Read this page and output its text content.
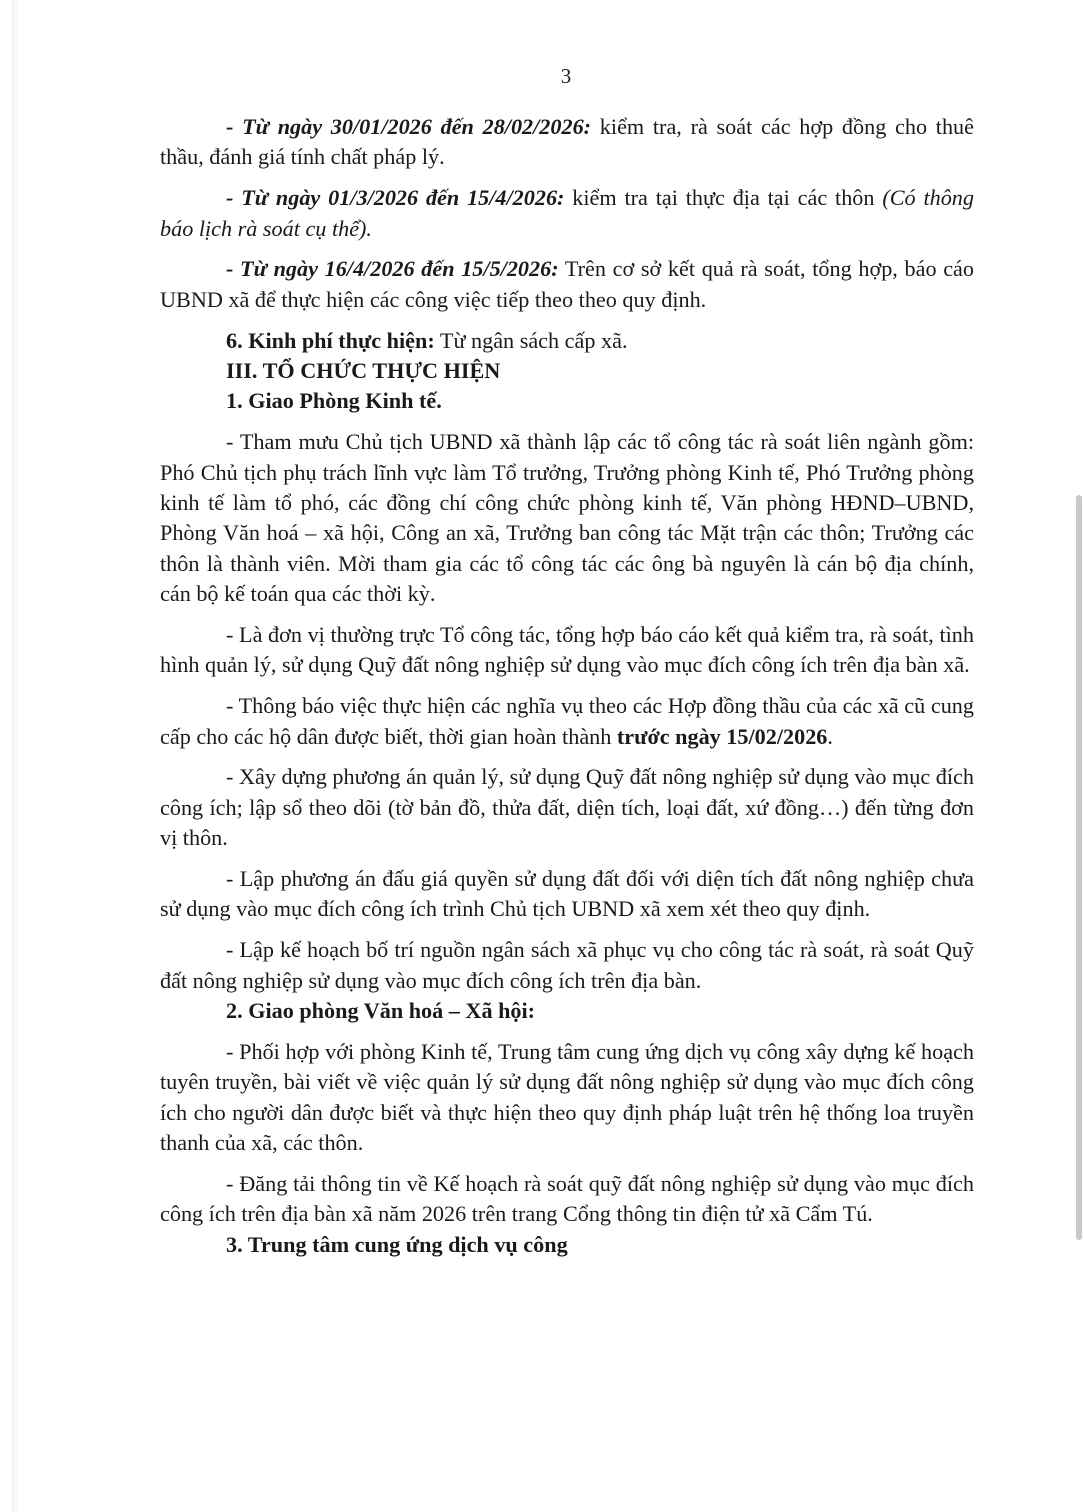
3

- Từ ngày 30/01/2026 đến 28/02/2026: kiểm tra, rà soát các hợp đồng cho thuê thầu, đánh giá tính chất pháp lý.

- Từ ngày 01/3/2026 đến 15/4/2026: kiểm tra tại thực địa tại các thôn (Có thông báo lịch rà soát cụ thể).

- Từ ngày 16/4/2026 đến 15/5/2026: Trên cơ sở kết quả rà soát, tổng hợp, báo cáo UBND xã để thực hiện các công việc tiếp theo theo quy định.

6. Kinh phí thực hiện: Từ ngân sách cấp xã.

III. TỔ CHỨC THỰC HIỆN

1. Giao Phòng Kinh tế.

- Tham mưu Chủ tịch UBND xã thành lập các tổ công tác rà soát liên ngành gồm: Phó Chủ tịch phụ trách lĩnh vực làm Tổ trưởng, Trưởng phòng Kinh tế, Phó Trưởng phòng kinh tế làm tổ phó, các đồng chí công chức phòng kinh tế, Văn phòng HĐND–UBND, Phòng Văn hoá – xã hội, Công an xã, Trưởng ban công tác Mặt trận các thôn; Trưởng các thôn là thành viên. Mời tham gia các tổ công tác các ông bà nguyên là cán bộ địa chính, cán bộ kế toán qua các thời kỳ.

- Là đơn vị thường trực Tổ công tác, tổng hợp báo cáo kết quả kiểm tra, rà soát, tình hình quản lý, sử dụng Quỹ đất nông nghiệp sử dụng vào mục đích công ích trên địa bàn xã.

- Thông báo việc thực hiện các nghĩa vụ theo các Hợp đồng thầu của các xã cũ cung cấp cho các hộ dân được biết, thời gian hoàn thành trước ngày 15/02/2026.

- Xây dựng phương án quản lý, sử dụng Quỹ đất nông nghiệp sử dụng vào mục đích công ích; lập sổ theo dõi (tờ bản đồ, thửa đất, diện tích, loại đất, xứ đồng…) đến từng đơn vị thôn.

- Lập phương án đấu giá quyền sử dụng đất đối với diện tích đất nông nghiệp chưa sử dụng vào mục đích công ích trình Chủ tịch UBND xã xem xét theo quy định.

- Lập kế hoạch bố trí nguồn ngân sách xã phục vụ cho công tác rà soát, rà soát Quỹ đất nông nghiệp sử dụng vào mục đích công ích trên địa bàn.

2. Giao phòng Văn hoá – Xã hội:

- Phối hợp với phòng Kinh tế, Trung tâm cung ứng dịch vụ công xây dựng kế hoạch tuyên truyền, bài viết về việc quản lý sử dụng đất nông nghiệp sử dụng vào mục đích công ích cho người dân được biết và thực hiện theo quy định pháp luật trên hệ thống loa truyền thanh của xã, các thôn.

- Đăng tải thông tin về Kế hoạch rà soát quỹ đất nông nghiệp sử dụng vào mục đích công ích trên địa bàn xã năm 2026 trên trang Cổng thông tin điện tử xã Cẩm Tú.

3. Trung tâm cung ứng dịch vụ công
